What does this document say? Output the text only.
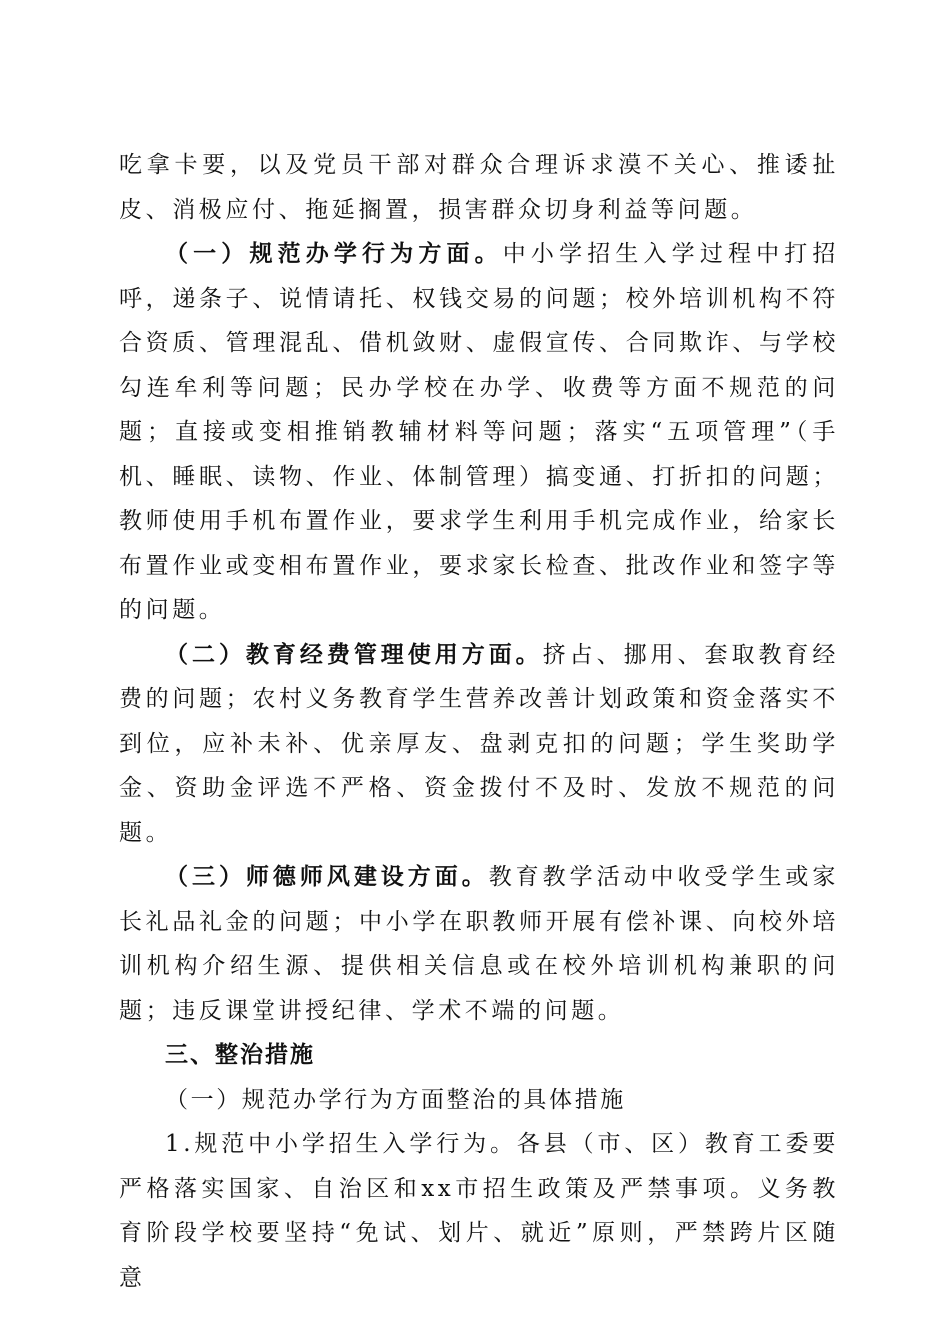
吃拿卡要，以及党员干部对群众合理诉求漠不关心、推诿扯皮、消极应付、拖延搁置，损害群众切身利益等问题。

（一）规范办学行为方面。中小学招生入学过程中打招呼，递条子、说情请托、权钱交易的问题；校外培训机构不符合资质、管理混乱、借机敛财、虚假宣传、合同欺诈、与学校勾连牟利等问题；民办学校在办学、收费等方面不规范的问题；直接或变相推销教辅材料等问题；落实“五项管理”（手机、睡眠、读物、作业、体制管理）搞变通、打折扣的问题；教师使用手机布置作业，要求学生利用手机完成作业，给家长布置作业或变相布置作业，要求家长检查、批改作业和签字等的问题。

（二）教育经费管理使用方面。挤占、挪用、套取教育经费的问题；农村义务教育学生营养改善计划政策和资金落实不到位，应补未补、优亲厚友、盘剥克扣的问题；学生奖助学金、资助金评选不严格、资金拨付不及时、发放不规范的问题。

（三）师德师风建设方面。教育教学活动中收受学生或家长礼品礼金的问题；中小学在职教师开展有偿补课、向校外培训机构介绍生源、提供相关信息或在校外培训机构兼职的问题；违反课堂讲授纪律、学术不端的问题。

三、整治措施

（一）规范办学行为方面整治的具体措施

1.规范中小学招生入学行为。各县（市、区）教育工委要严格落实国家、自治区和xx市招生政策及严禁事项。义务教育阶段学校要坚持“免试、划片、就近”原则，严禁跨片区随意
